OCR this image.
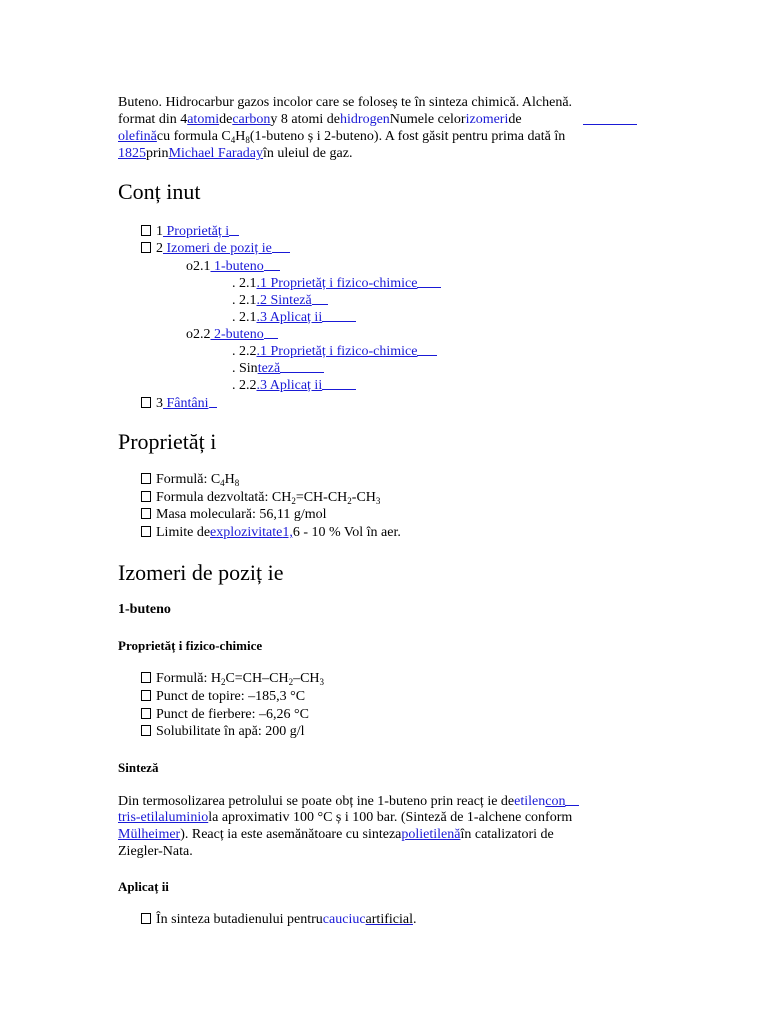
Buteno. Hidrocarbur gazos incolor care se foloseș te în sinteza chimică. Alchenă.
format din 4atomidecarbony 8 atomi dehidrogenNumele celorizomeride
olefinăcu formula $C_4H_8(1$-buteno ș i 2-buteno). A fost găsit pentru prima dată în
1825prinMichael Faradayîn uleiul de gaz.
Conț inut
1 Proprietăț i
2 Izomeri de poziț ie
o2.1 1-buteno
. 2.1.1 Proprietăț i fizico-chimice
. 2.1.2 Sinteză
. 2.1.3 Aplicaț ii
o2.2 2-buteno
. 2.2.1 Proprietăț i fizico-chimice
. Sinteză
. 2.2.3 Aplicaț ii
3 Fântâni
Proprietăț i
Formulă: $C_4H_8$
Formula dezvoltată: $CH_2=CH-CH_2-CH_3$
Masa moleculară: 56,11 g/mol
Limite deexplozivitate1,6 - 10 % Vol în aer.
Izomeri de poziț ie
1-buteno
Proprietăț i fizico-chimice
Formulă: $H_2C=CH-CH_2-CH_3$
Punct de topire: –185,3 °C
Punct de fierbere: –6,26 °C
Solubilitate în apă: 200 g/l
Sinteză
Din termosolizarea petrolului se poate obț ine 1-buteno prin reacț ie deetilencon
tris-etilaluminiola aproximativ 100 °C ș i 100 bar. (Sinteză de 1-alchene conform
Mülheimer). Reacț ia este asemănătoare cu sintezapolietilenăîn catalizatori de
Ziegler-Nata.
Aplicaț ii
În sinteza butadienului pentrucauciucartificial.
